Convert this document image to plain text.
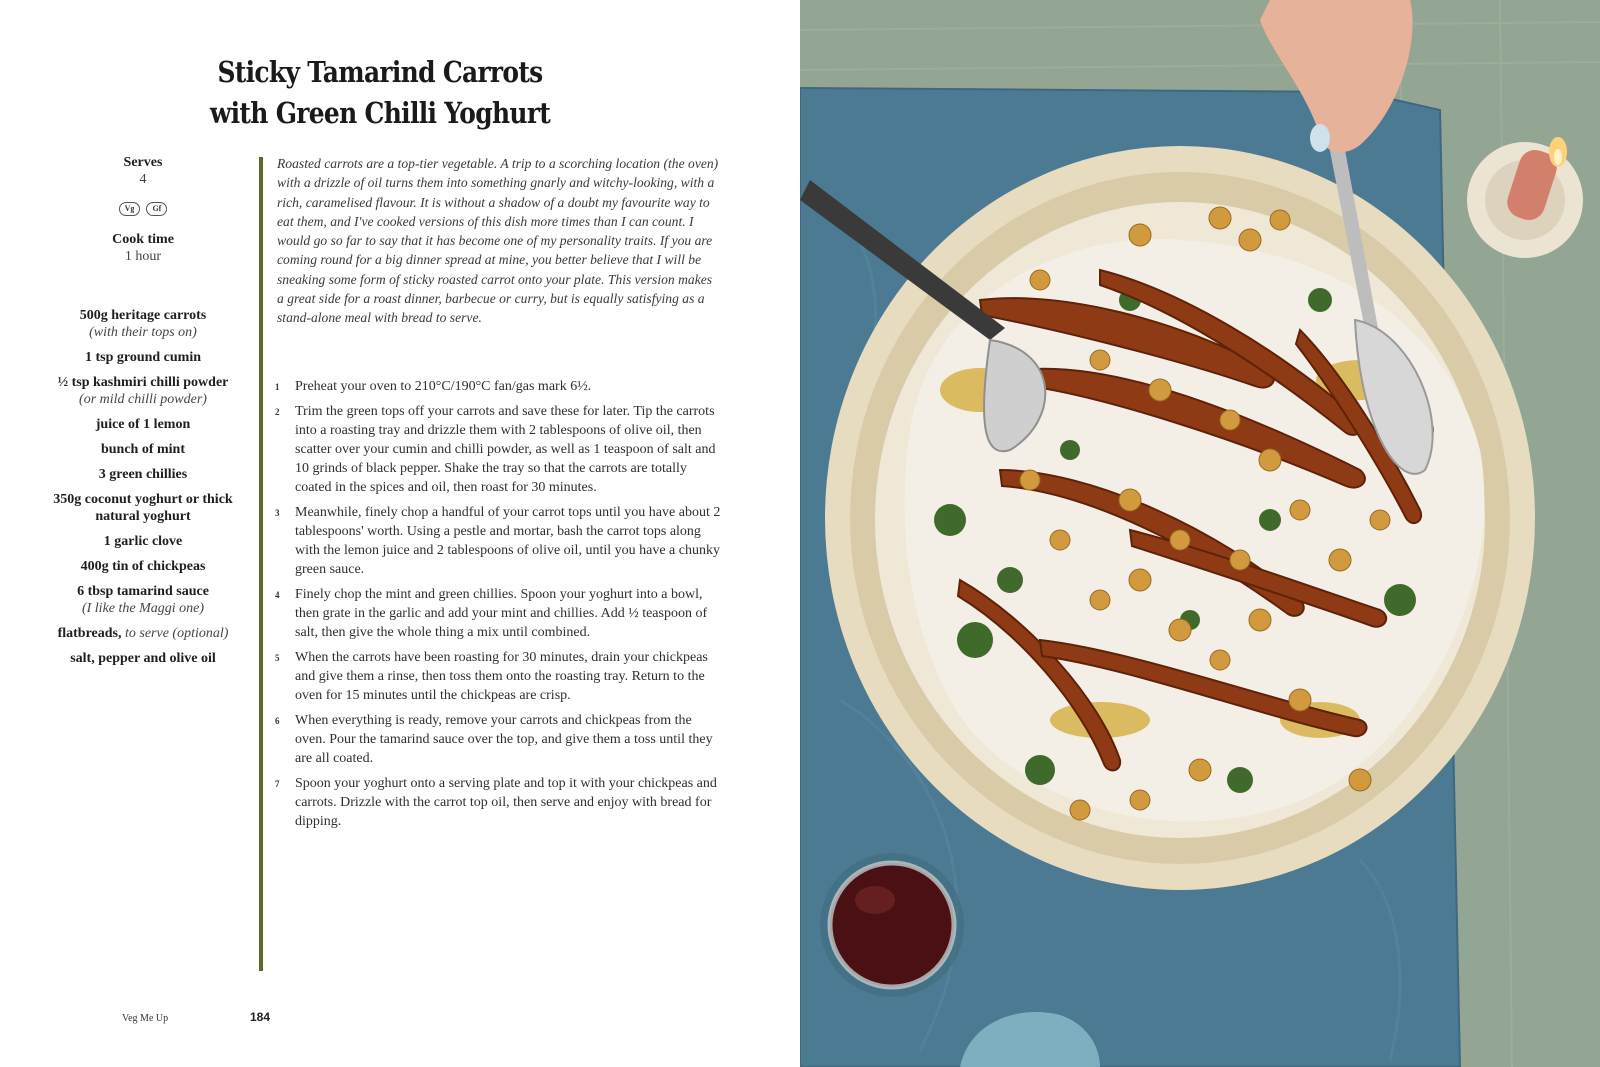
Sticky Tamarind Carrots
with Green Chilli Yoghurt
Serves
4
Vg	Gf
Cook time
1 hour
500g heritage carrots
(with their tops on)
1 tsp ground cumin
½ tsp kashmiri chilli powder
(or mild chilli powder)
juice of 1 lemon
bunch of mint
3 green chillies
350g coconut yoghurt or thick natural yoghurt
1 garlic clove
400g tin of chickpeas
6 tbsp tamarind sauce
(I like the Maggi one)
flatbreads, to serve (optional)
salt, pepper and olive oil

Roasted carrots are a top-tier vegetable. A trip to a scorching location (the oven) with a drizzle of oil turns them into something gnarly and witchy-looking, with a rich, caramelised flavour. It is without a shadow of a doubt my favourite way to eat them, and I've cooked versions of this dish more times than I can count. I would go so far to say that it has become one of my personality traits. If you are coming round for a big dinner spread at mine, you better believe that I will be sneaking some form of sticky roasted carrot onto your plate. This version makes a great side for a roast dinner, barbecue or curry, but is equally satisfying as a stand-alone meal with bread to serve.

1 Preheat your oven to 210°C/190°C fan/gas mark 6½.
2 Trim the green tops off your carrots and save these for later. Tip the carrots into a roasting tray and drizzle them with 2 tablespoons of olive oil, then scatter over your cumin and chilli powder, as well as 1 teaspoon of salt and 10 grinds of black pepper. Shake the tray so that the carrots are totally coated in the spices and oil, then roast for 30 minutes.
3 Meanwhile, finely chop a handful of your carrot tops until you have about 2 tablespoons' worth. Using a pestle and mortar, bash the carrot tops along with the lemon juice and 2 tablespoons of olive oil, until you have a chunky green sauce.
4 Finely chop the mint and green chillies. Spoon your yoghurt into a bowl, then grate in the garlic and add your mint and chillies. Add ½ teaspoon of salt, then give the whole thing a mix until combined.
5 When the carrots have been roasting for 30 minutes, drain your chickpeas and give them a rinse, then toss them onto the roasting tray. Return to the oven for 15 minutes until the chickpeas are crisp.
6 When everything is ready, remove your carrots and chickpeas from the oven. Pour the tamarind sauce over the top, and give them a toss until they are all coated.
7 Spoon your yoghurt onto a serving plate and top it with your chickpeas and carrots. Drizzle with the carrot top oil, then serve and enjoy with bread for dipping.
Veg Me Up	184
